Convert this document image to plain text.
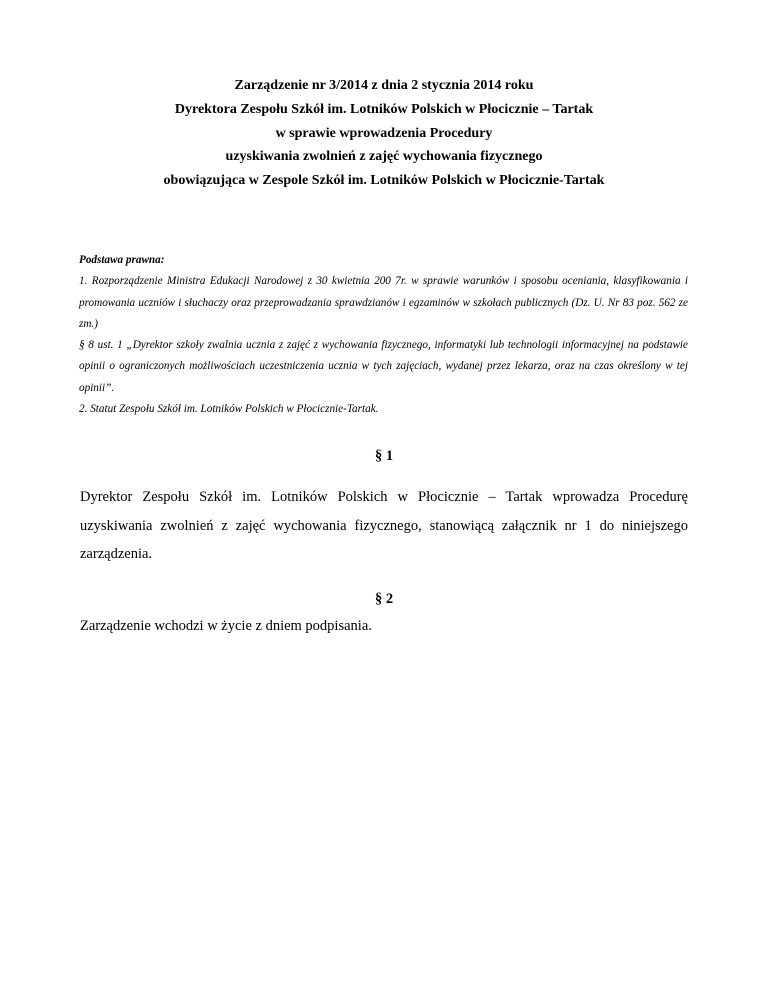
Zarządzenie nr 3/2014 z dnia 2 stycznia 2014 roku
Dyrektora Zespołu Szkół im. Lotników Polskich w Płocicznie – Tartak
w sprawie wprowadzenia Procedury
uzyskiwania zwolnień z zajęć wychowania fizycznego
obowiązująca w Zespole Szkół im. Lotników Polskich w Płocicznie-Tartak
Podstawa prawna:
1. Rozporządzenie Ministra Edukacji Narodowej z 30 kwietnia 200 7r. w sprawie warunków i sposobu oceniania, klasyfikowania i promowania uczniów i słuchaczy oraz przeprowadzania sprawdzianów i egzaminów w szkołach publicznych (Dz. U. Nr 83 poz. 562 ze zm.)
§ 8 ust. 1 „Dyrektor szkoły zwalnia ucznia z zajęć z wychowania fizycznego, informatyki lub technologii informacyjnej na podstawie opinii o ograniczonych możliwościach uczestniczenia ucznia w tych zajęciach, wydanej przez lekarza, oraz na czas określony w tej opinii”.
2. Statut Zespołu Szkół im. Lotników Polskich w Płocicznie-Tartak.
§ 1
Dyrektor Zespołu Szkół im. Lotników Polskich w Płocicznie – Tartak wprowadza Procedurę uzyskiwania zwolnień z zajęć wychowania fizycznego, stanowiącą załącznik nr 1 do niniejszego zarządzenia.
§ 2
Zarządzenie wchodzi w życie z dniem podpisania.
